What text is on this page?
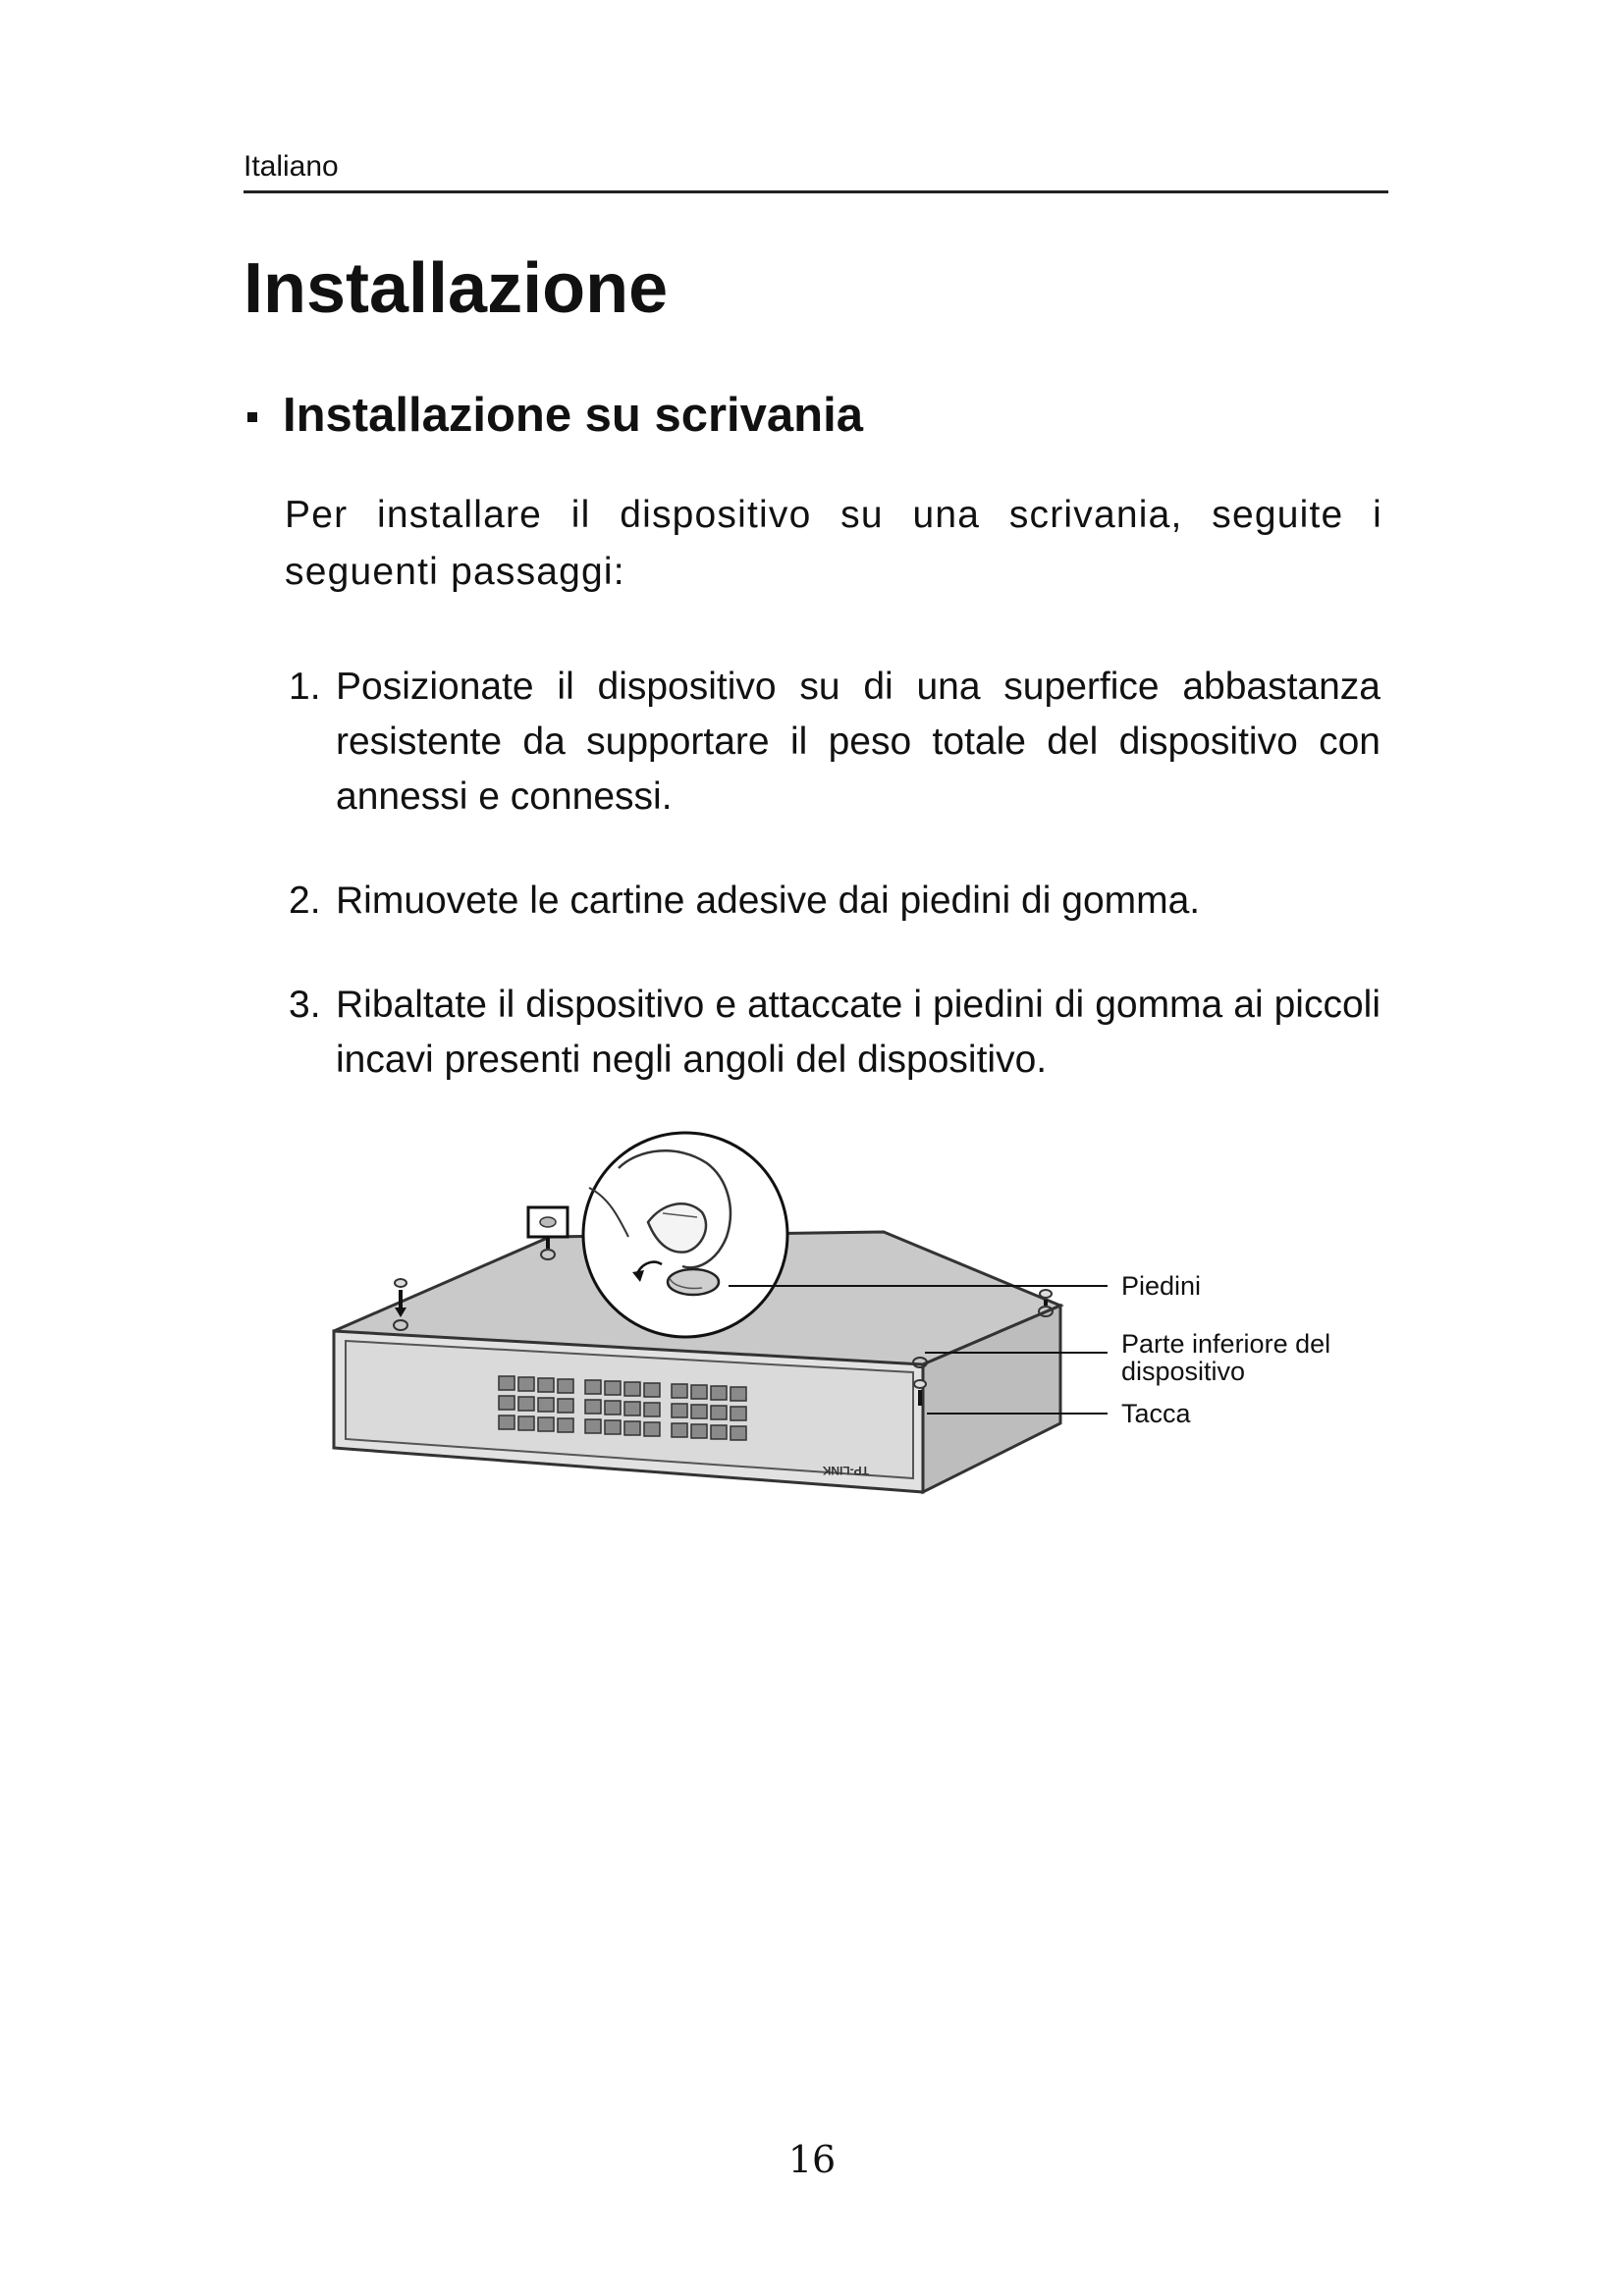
Italiano
Installazione
Installazione su scrivania

Per installare il dispositivo su una scrivania, seguite i seguenti passaggi:

1. Posizionate il dispositivo su di una superfice abbastanza resistente da supportare il peso totale del dispositivo con annessi e connessi.
2. Rimuovete le cartine adesive dai piedini di gomma.
3. Ribaltate il dispositivo e attaccate i piedini di gomma ai piccoli incavi presenti negli angoli del dispositivo.
TP-LINK
Piedini
Parte inferiore del
dispositivo
Tacca
16
